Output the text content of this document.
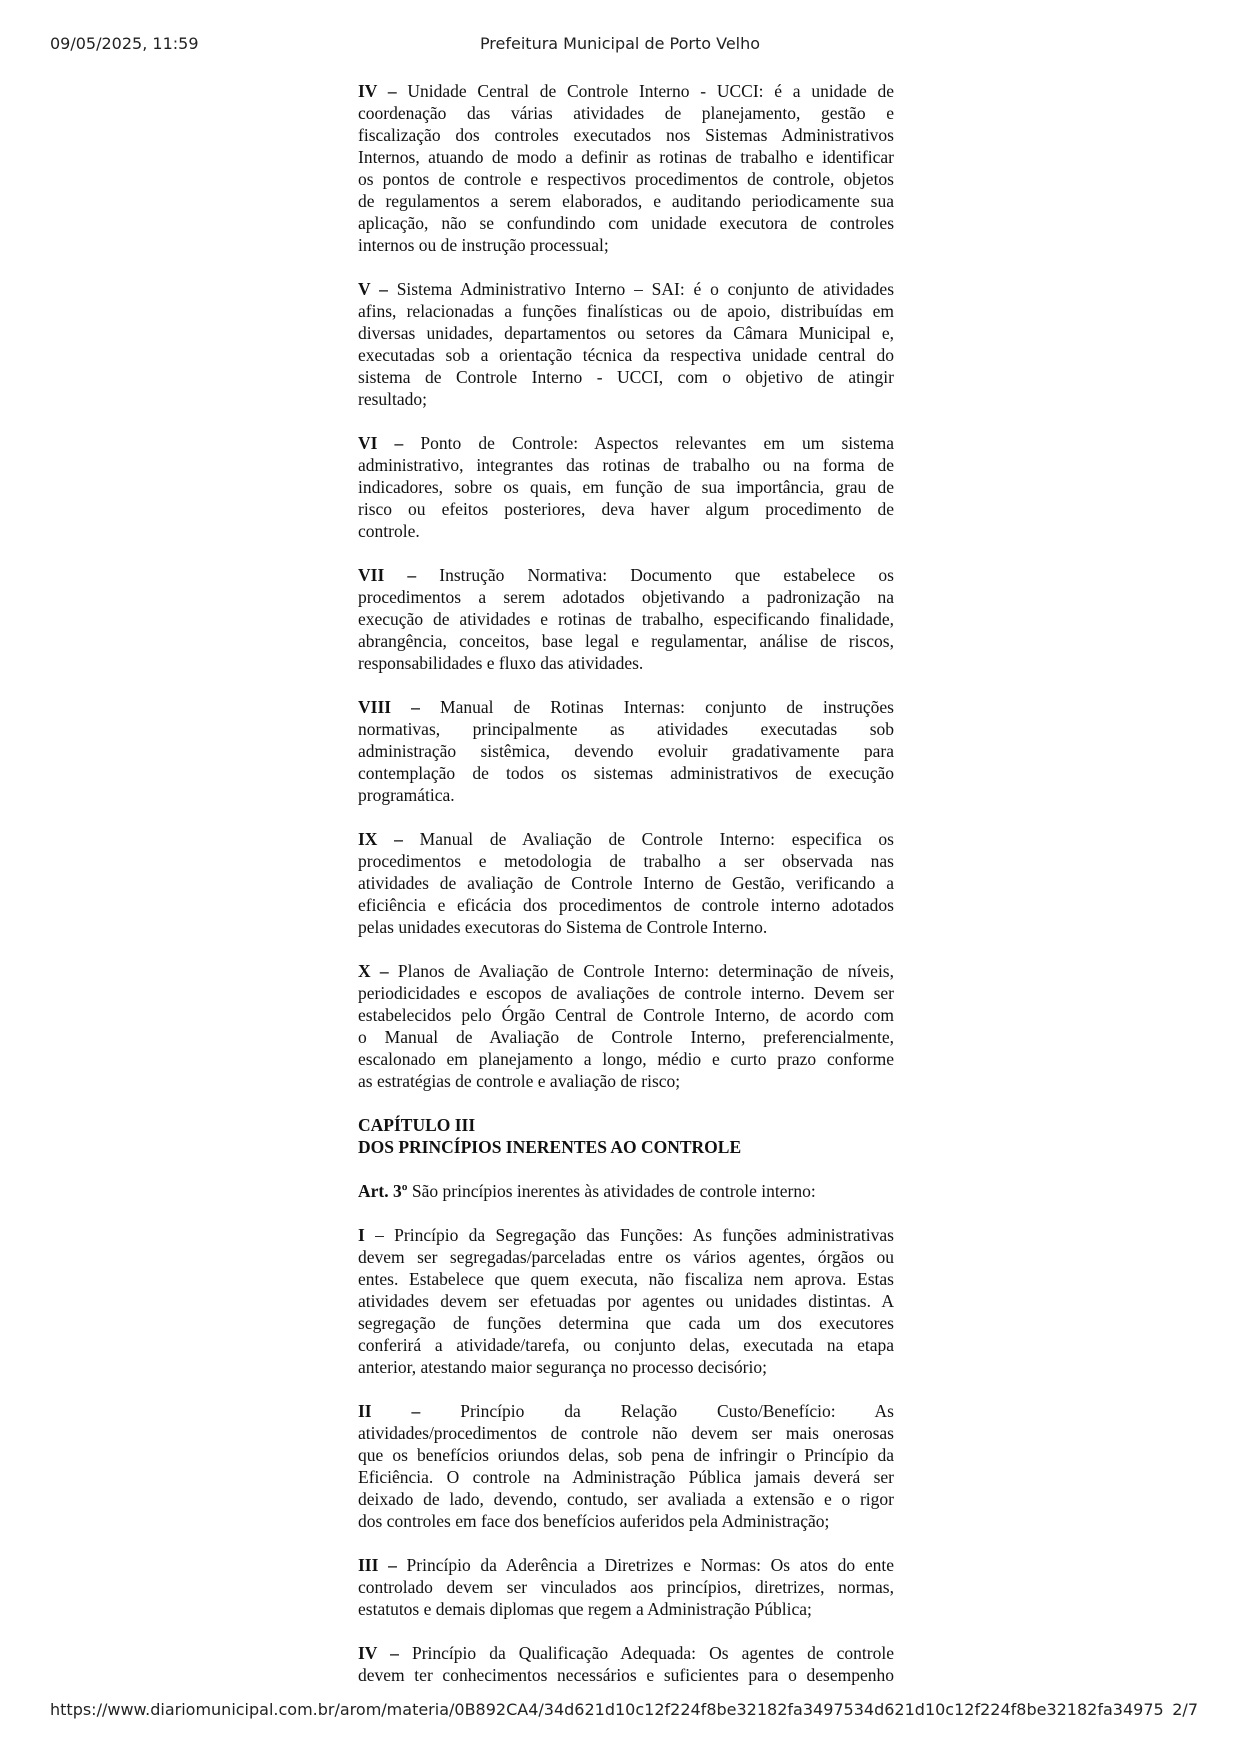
09/05/2025, 11:59	Prefeitura Municipal de Porto Velho
IV – Unidade Central de Controle Interno - UCCI: é a unidade de
coordenação das várias atividades de planejamento, gestão e
fiscalização dos controles executados nos Sistemas Administrativos
Internos, atuando de modo a definir as rotinas de trabalho e identificar
os pontos de controle e respectivos procedimentos de controle, objetos
de regulamentos a serem elaborados, e auditando periodicamente sua
aplicação, não se confundindo com unidade executora de controles
internos ou de instrução processual;
V – Sistema Administrativo Interno – SAI: é o conjunto de atividades
afins, relacionadas a funções finalísticas ou de apoio, distribuídas em
diversas unidades, departamentos ou setores da Câmara Municipal e,
executadas sob a orientação técnica da respectiva unidade central do
sistema de Controle Interno - UCCI, com o objetivo de atingir
resultado;
VI – Ponto de Controle: Aspectos relevantes em um sistema
administrativo, integrantes das rotinas de trabalho ou na forma de
indicadores, sobre os quais, em função de sua importância, grau de
risco ou efeitos posteriores, deva haver algum procedimento de
controle.
VII – Instrução Normativa: Documento que estabelece os
procedimentos a serem adotados objetivando a padronização na
execução de atividades e rotinas de trabalho, especificando finalidade,
abrangência, conceitos, base legal e regulamentar, análise de riscos,
responsabilidades e fluxo das atividades.
VIII – Manual de Rotinas Internas: conjunto de instruções
normativas, principalmente as atividades executadas sob
administração sistêmica, devendo evoluir gradativamente para
contemplação de todos os sistemas administrativos de execução
programática.
IX – Manual de Avaliação de Controle Interno: especifica os
procedimentos e metodologia de trabalho a ser observada nas
atividades de avaliação de Controle Interno de Gestão, verificando a
eficiência e eficácia dos procedimentos de controle interno adotados
pelas unidades executoras do Sistema de Controle Interno.
X – Planos de Avaliação de Controle Interno: determinação de níveis,
periodicidades e escopos de avaliações de controle interno. Devem ser
estabelecidos pelo Órgão Central de Controle Interno, de acordo com
o Manual de Avaliação de Controle Interno, preferencialmente,
escalonado em planejamento a longo, médio e curto prazo conforme
as estratégias de controle e avaliação de risco;
CAPÍTULO III
DOS PRINCÍPIOS INERENTES AO CONTROLE
Art. 3º São princípios inerentes às atividades de controle interno:
I – Princípio da Segregação das Funções: As funções administrativas
devem ser segregadas/parceladas entre os vários agentes, órgãos ou
entes. Estabelece que quem executa, não fiscaliza nem aprova. Estas
atividades devem ser efetuadas por agentes ou unidades distintas. A
segregação de funções determina que cada um dos executores
conferirá a atividade/tarefa, ou conjunto delas, executada na etapa
anterior, atestando maior segurança no processo decisório;
II – Princípio da Relação Custo/Benefício: As
atividades/procedimentos de controle não devem ser mais onerosas
que os benefícios oriundos delas, sob pena de infringir o Princípio da
Eficiência. O controle na Administração Pública jamais deverá ser
deixado de lado, devendo, contudo, ser avaliada a extensão e o rigor
dos controles em face dos benefícios auferidos pela Administração;
III – Princípio da Aderência a Diretrizes e Normas: Os atos do ente
controlado devem ser vinculados aos princípios, diretrizes, normas,
estatutos e demais diplomas que regem a Administração Pública;
IV – Princípio da Qualificação Adequada: Os agentes de controle
devem ter conhecimentos necessários e suficientes para o desempenho
https://www.diariomunicipal.com.br/arom/materia/0B892CA4/34d621d10c12f224f8be32182fa3497534d621d10c12f224f8be32182fa34975 2/7
